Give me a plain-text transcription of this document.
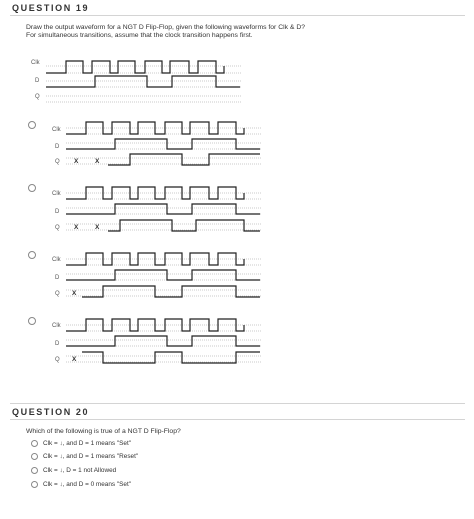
QUESTION 19
Draw the output waveform for a NGT D Flip-Flop, given the following waveforms for Clk & D?
For simultaneous transitions, assume that the clock transition happens first.
Clk
D
Q
Clk
D
Q X	X
Clk
D
Q X	X
Clk
D
Q X
Clk
D
Q X
QUESTION 20
Which of the following is true of a NGT D Flip-Flop?
Clk = ↓, and D = 1 means "Set"
Clk = ↓, and D = 1 means "Reset"
Clk = ↓, D = 1 not Allowed
Clk = ↓, and D = 0 means "Set"
